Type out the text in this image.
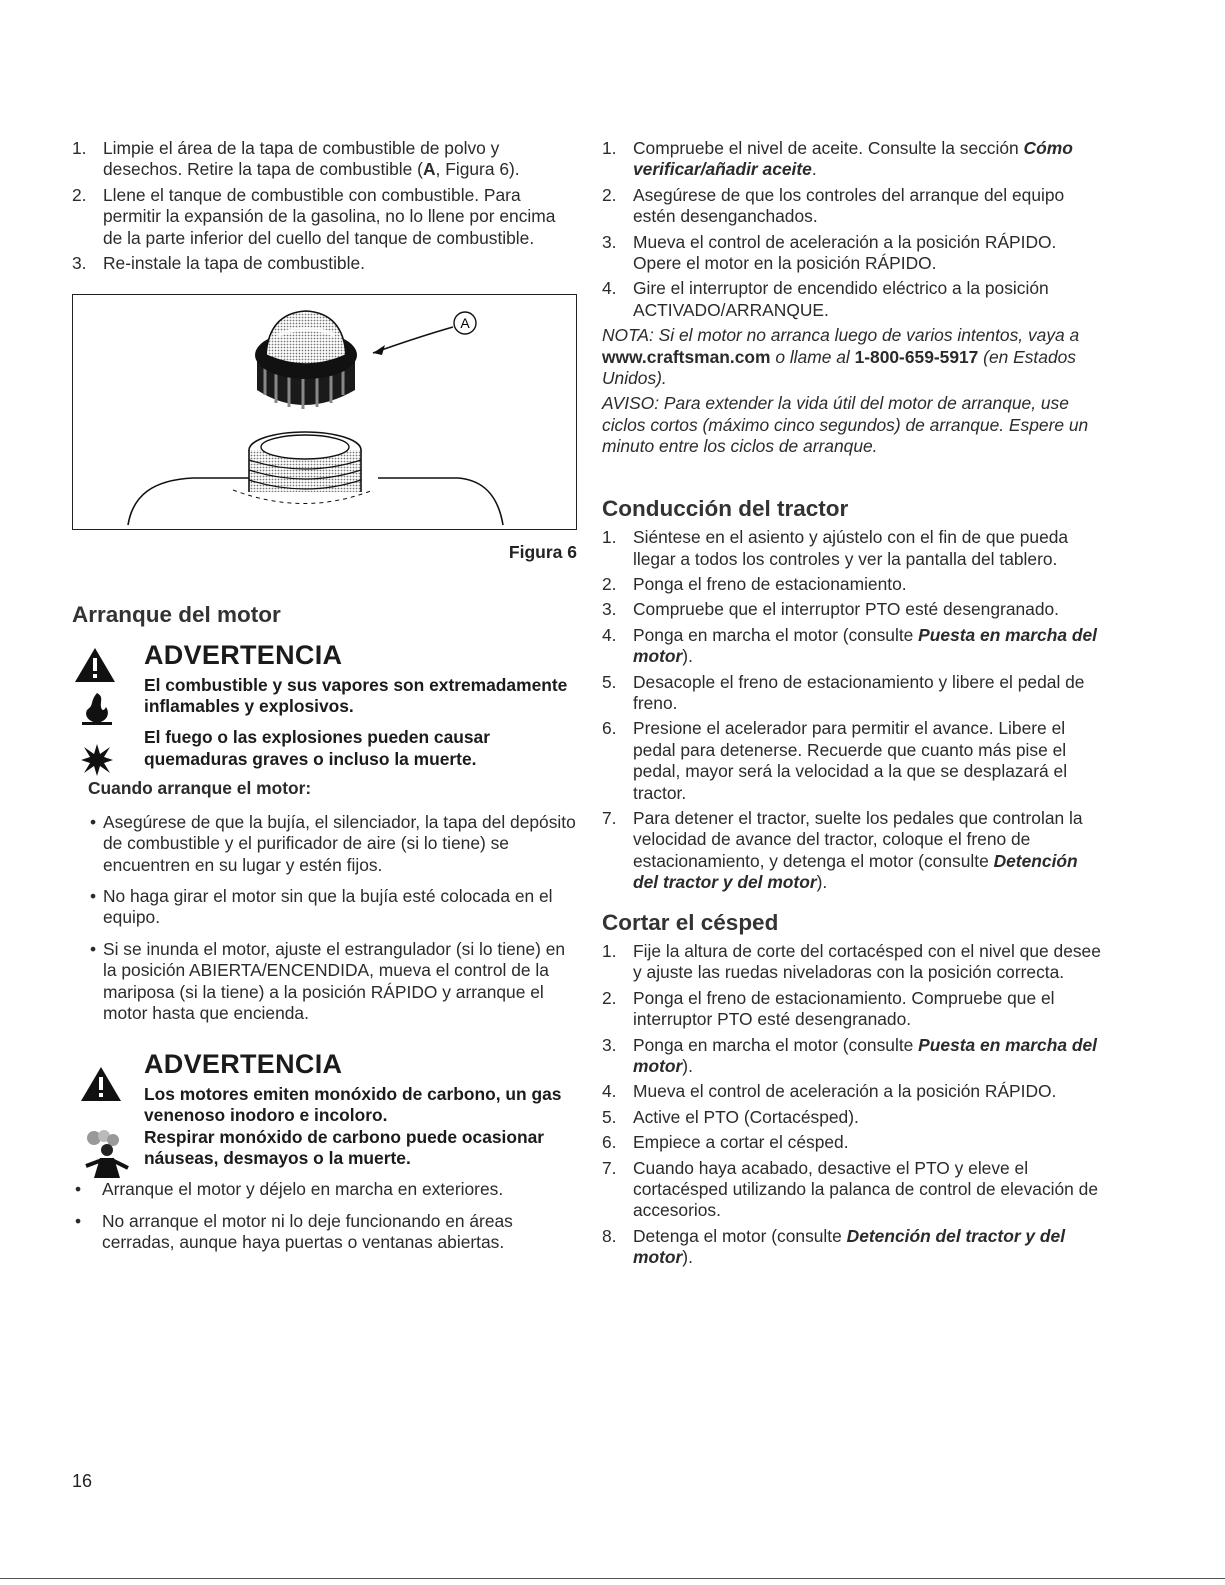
1. Limpie el área de la tapa de combustible de polvo y desechos. Retire la tapa de combustible (A, Figura 6).
2. Llene el tanque de combustible con combustible. Para permitir la expansión de la gasolina, no lo llene por encima de la parte inferior del cuello del tanque de combustible.
3. Re-instale la tapa de combustible.
A
Figura 6
Arranque del motor
ADVERTENCIA
El combustible y sus vapores son extremadamente inflamables y explosivos.
El fuego o las explosiones pueden causar quemaduras graves o incluso la muerte.
Cuando arranque el motor:
• Asegúrese de que la bujía, el silenciador, la tapa del depósito de combustible y el purificador de aire (si lo tiene) se encuentren en su lugar y estén fijos.
• No haga girar el motor sin que la bujía esté colocada en el equipo.
• Si se inunda el motor, ajuste el estrangulador (si lo tiene) en la posición ABIERTA/ENCENDIDA, mueva el control de la mariposa (si la tiene) a la posición RÁPIDO y arranque el motor hasta que encienda.
ADVERTENCIA
Los motores emiten monóxido de carbono, un gas venenoso inodoro e incoloro.
Respirar monóxido de carbono puede ocasionar náuseas, desmayos o la muerte.
• Arranque el motor y déjelo en marcha en exteriores.
• No arranque el motor ni lo deje funcionando en áreas cerradas, aunque haya puertas o ventanas abiertas.
1. Compruebe el nivel de aceite. Consulte la sección Cómo verificar/añadir aceite.
2. Asegúrese de que los controles del arranque del equipo estén desenganchados.
3. Mueva el control de aceleración a la posición RÁPIDO. Opere el motor en la posición RÁPIDO.
4. Gire el interruptor de encendido eléctrico a la posición ACTIVADO/ARRANQUE.
NOTA: Si el motor no arranca luego de varios intentos, vaya a www.craftsman.com o llame al 1-800-659-5917 (en Estados Unidos).
AVISO: Para extender la vida útil del motor de arranque, use ciclos cortos (máximo cinco segundos) de arranque. Espere un minuto entre los ciclos de arranque.
Conducción del tractor
1. Siéntese en el asiento y ajústelo con el fin de que pueda llegar a todos los controles y ver la pantalla del tablero.
2. Ponga el freno de estacionamiento.
3. Compruebe que el interruptor PTO esté desengranado.
4. Ponga en marcha el motor (consulte Puesta en marcha del motor).
5. Desacople el freno de estacionamiento y libere el pedal de freno.
6. Presione el acelerador para permitir el avance. Libere el pedal para detenerse. Recuerde que cuanto más pise el pedal, mayor será la velocidad a la que se desplazará el tractor.
7. Para detener el tractor, suelte los pedales que controlan la velocidad de avance del tractor, coloque el freno de estacionamiento, y detenga el motor (consulte Detención del tractor y del motor).
Cortar el césped
1. Fije la altura de corte del cortacésped con el nivel que desee y ajuste las ruedas niveladoras con la posición correcta.
2. Ponga el freno de estacionamiento. Compruebe que el interruptor PTO esté desengranado.
3. Ponga en marcha el motor (consulte Puesta en marcha del motor).
4. Mueva el control de aceleración a la posición RÁPIDO.
5. Active el PTO (Cortacésped).
6. Empiece a cortar el césped.
7. Cuando haya acabado, desactive el PTO y eleve el cortacésped utilizando la palanca de control de elevación de accesorios.
8. Detenga el motor (consulte Detención del tractor y del motor).
16
